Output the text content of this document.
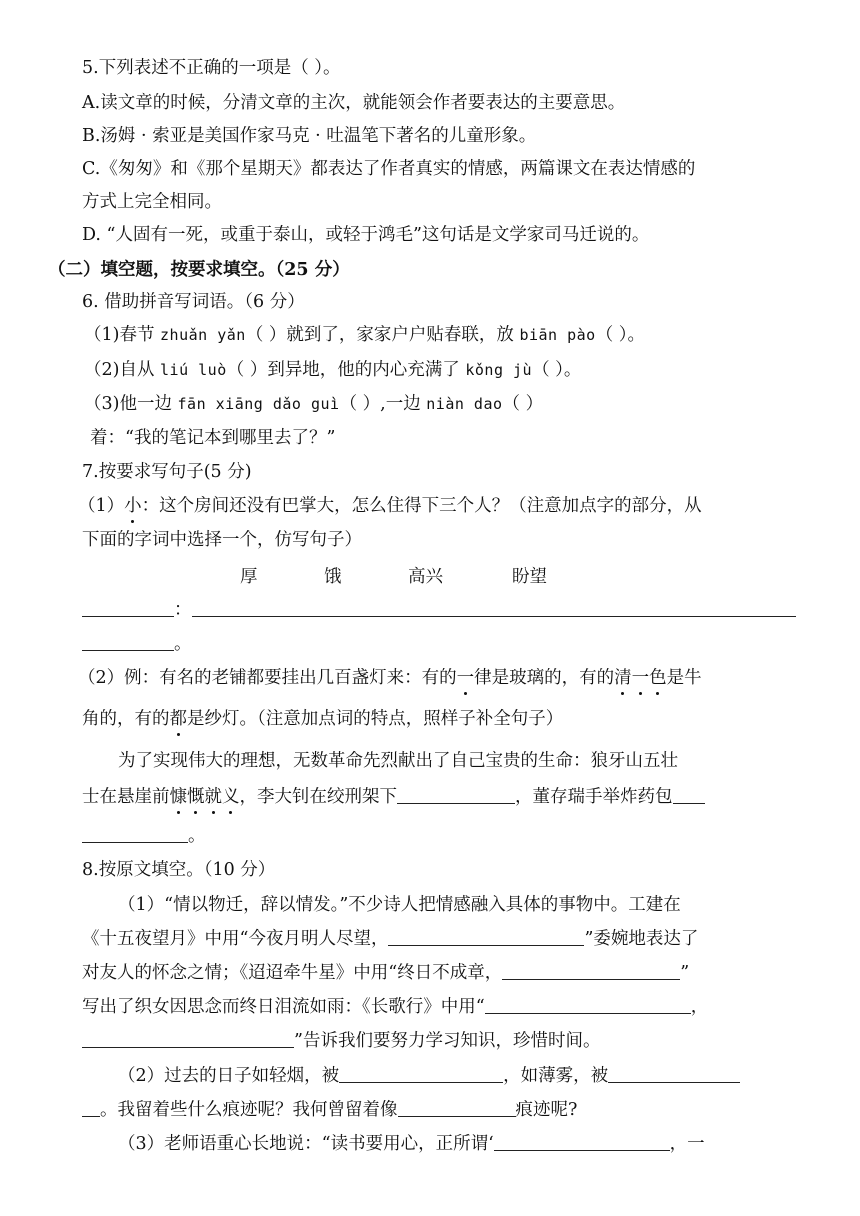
5.下列表述不正确的一项是（ ）。
A.读文章的时候，分清文章的主次，就能领会作者要表达的主要意思。
B.汤姆 · 索亚是美国作家马克 · 吐温笔下著名的儿童形象。
C.《匆匆》和《那个星期天》都表达了作者真实的情感，两篇课文在表达情感的
方式上完全相同。
D. “人固有一死，或重于泰山，或轻于鸿毛”这句话是文学家司马迁说的。
（二）填空题，按要求填空。（25 分）
6. 借助拼音写词语。（6 分）
（1)春节 zhuǎn yǎn（ ）就到了，家家户户贴春联，放 biān pào（ ）。
（2)自从 liú luò（ ）到异地，他的内心充满了 kǒng jù（ ）。
（3)他一边 fān xiāng dǎo guì（ ）,一边 niàn dao（ ）
着：“我的笔记本到哪里去了？”
7.按要求写句子(5 分)
（1）小：这个房间还没有巴掌大，怎么住得下三个人？（注意加点字的部分，从
下面的字词中选择一个，仿写句子）
厚	饿	高兴	盼望
：
。
（2）例：有名的老铺都要挂出几百盏灯来：有的一律是玻璃的，有的清一色是牛
角的，有的都是纱灯。（注意加点词的特点，照样子补全句子）
为了实现伟大的理想，无数革命先烈献出了自己宝贵的生命：狼牙山五壮
士在悬崖前慷慨就义，李大钊在绞刑架下	，董存瑞手举炸药包
。
8.按原文填空。（10 分）
（1）“情以物迁，辞以情发。”不少诗人把情感融入具体的事物中。工建在
《十五夜望月》中用“今夜月明人尽望，	”委婉地表达了
对友人的怀念之情；《迢迢牵牛星》中用“终日不成章，	”
写出了织女因思念而终日泪流如雨：《长歌行》中用“	，
”告诉我们要努力学习知识，珍惜时间。
（2）过去的日子如轻烟，被	，如薄雾，被
。我留着些什么痕迹呢？我何曾留着像	痕迹呢?
（3）老师语重心长地说：“读书要用心，正所谓‘	，一
